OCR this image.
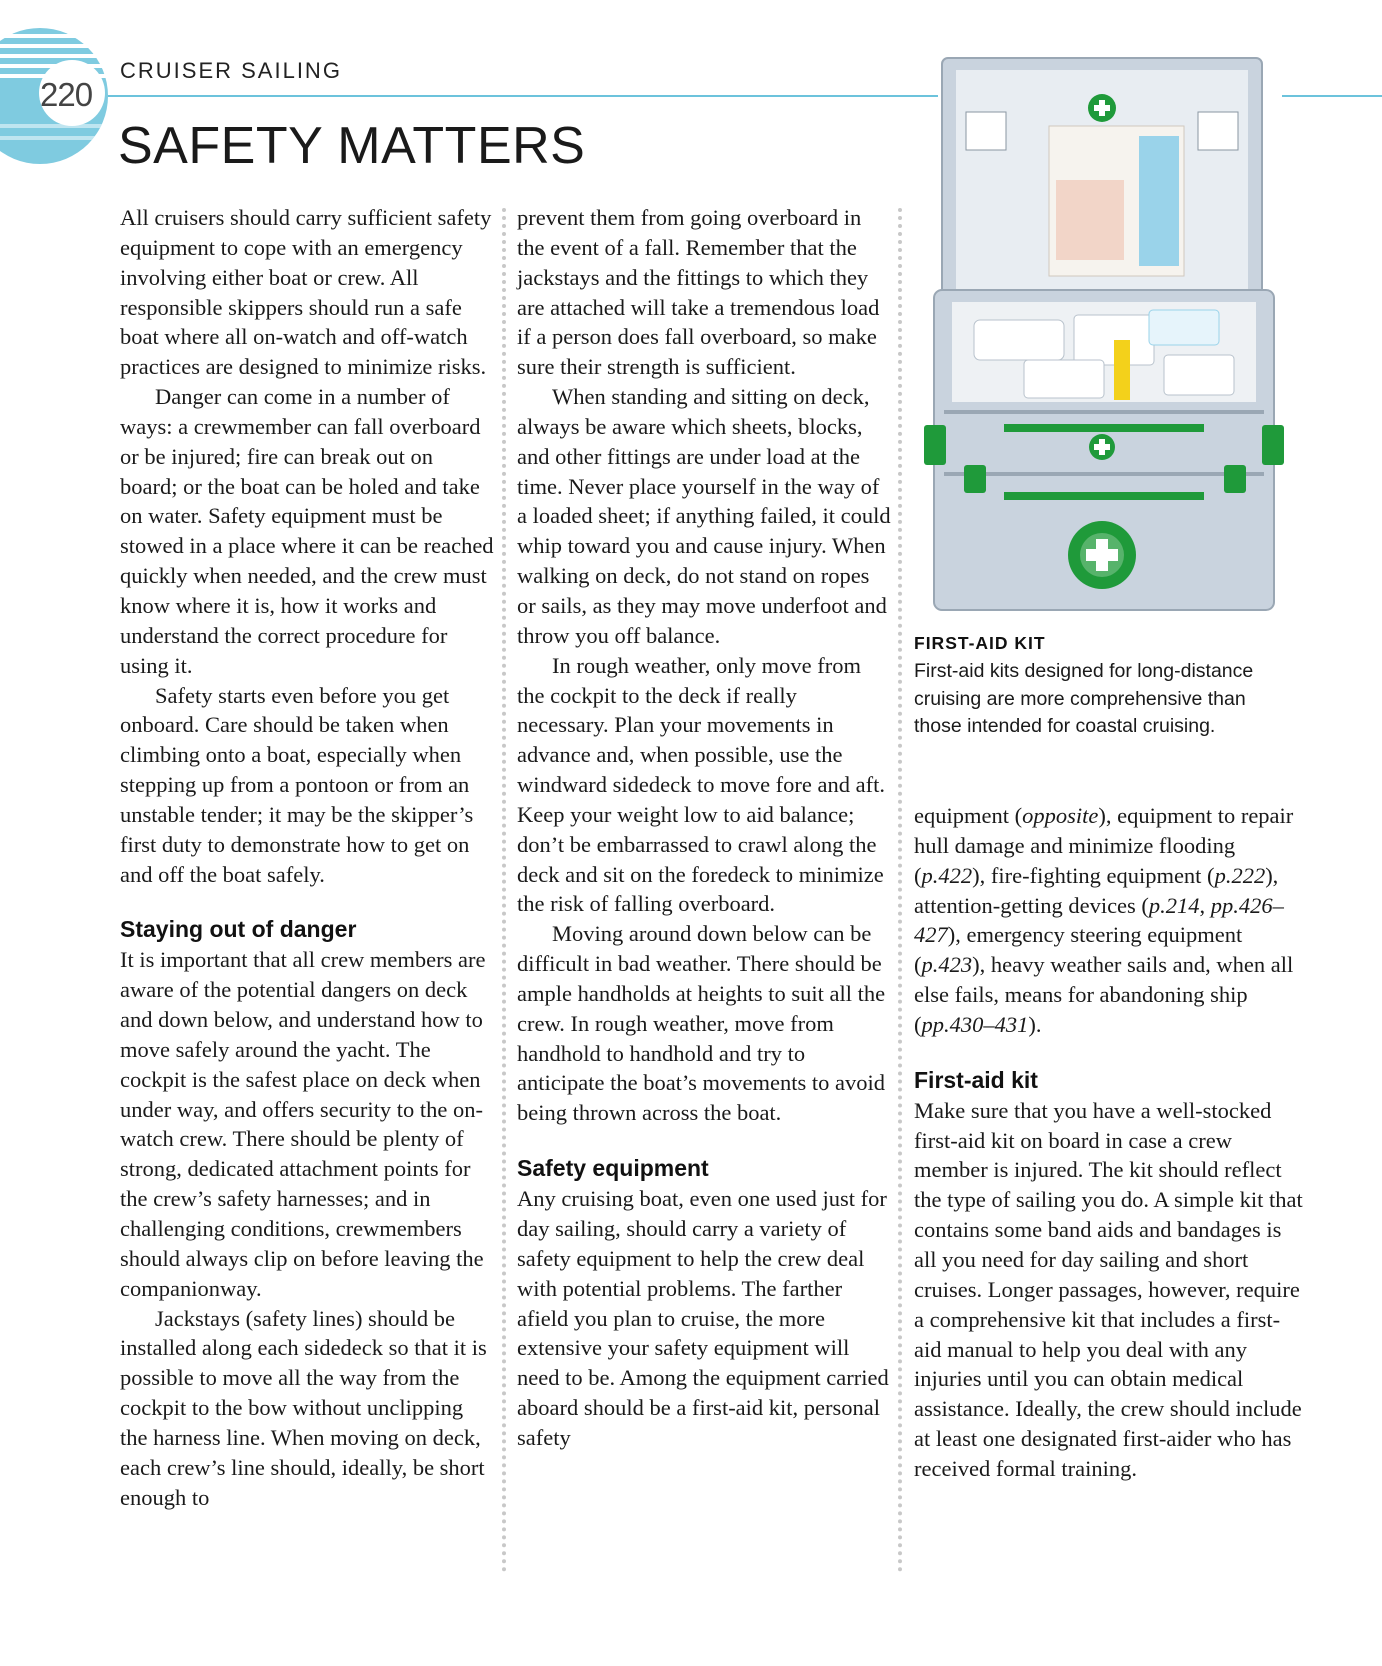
220
CRUISER SAILING
SAFETY MATTERS

All cruisers should carry sufficient safety equipment to cope with an emergency involving either boat or crew. All responsible skippers should run a safe boat where all on-watch and off-watch practices are designed to minimize risks.

Danger can come in a number of ways: a crewmember can fall overboard or be injured; fire can break out on board; or the boat can be holed and take on water. Safety equipment must be stowed in a place where it can be reached quickly when needed, and the crew must know where it is, how it works and understand the correct procedure for using it.

Safety starts even before you get onboard. Care should be taken when climbing onto a boat, especially when stepping up from a pontoon or from an unstable tender; it may be the skipper’s first duty to demonstrate how to get on and off the boat safely.

Staying out of danger

It is important that all crew members are aware of the potential dangers on deck and down below, and understand how to move safely around the yacht. The cockpit is the safest place on deck when under way, and offers security to the on-watch crew. There should be plenty of strong, dedicated attachment points for the crew’s safety harnesses; and in challenging conditions, crewmembers should always clip on before leaving the companionway.

Jackstays (safety lines) should be installed along each sidedeck so that it is possible to move all the way from the cockpit to the bow without unclipping the harness line. When moving on deck, each crew’s line should, ideally, be short enough to

prevent them from going overboard in the event of a fall. Remember that the jackstays and the fittings to which they are attached will take a tremendous load if a person does fall overboard, so make sure their strength is sufficient.

When standing and sitting on deck, always be aware which sheets, blocks, and other fittings are under load at the time. Never place yourself in the way of a loaded sheet; if anything failed, it could whip toward you and cause injury. When walking on deck, do not stand on ropes or sails, as they may move underfoot and throw you off balance.

In rough weather, only move from the cockpit to the deck if really necessary. Plan your movements in advance and, when possible, use the windward sidedeck to move fore and aft. Keep your weight low to aid balance; don’t be embarrassed to crawl along the deck and sit on the foredeck to minimize the risk of falling overboard.

Moving around down below can be difficult in bad weather. There should be ample handholds at heights to suit all the crew. In rough weather, move from handhold to handhold and try to anticipate the boat’s movements to avoid being thrown across the boat.

Safety equipment

Any cruising boat, even one used just for day sailing, should carry a variety of safety equipment to help the crew deal with potential problems. The farther afield you plan to cruise, the more extensive your safety equipment will need to be. Among the equipment carried aboard should be a first-aid kit, personal safety

FIRST-AID KIT
First-aid kits designed for long-distance cruising are more comprehensive than those intended for coastal cruising.

equipment (opposite), equipment to repair hull damage and minimize flooding (p.422), fire-fighting equipment (p.222), attention-getting devices (p.214, pp.426–427), emergency steering equipment (p.423), heavy weather sails and, when all else fails, means for abandoning ship (pp.430–431).

First-aid kit

Make sure that you have a well-stocked first-aid kit on board in case a crew member is injured. The kit should reflect the type of sailing you do. A simple kit that contains some band aids and bandages is all you need for day sailing and short cruises. Longer passages, however, require a comprehensive kit that includes a first-aid manual to help you deal with any injuries until you can obtain medical assistance. Ideally, the crew should include at least one designated first-aider who has received formal training.
